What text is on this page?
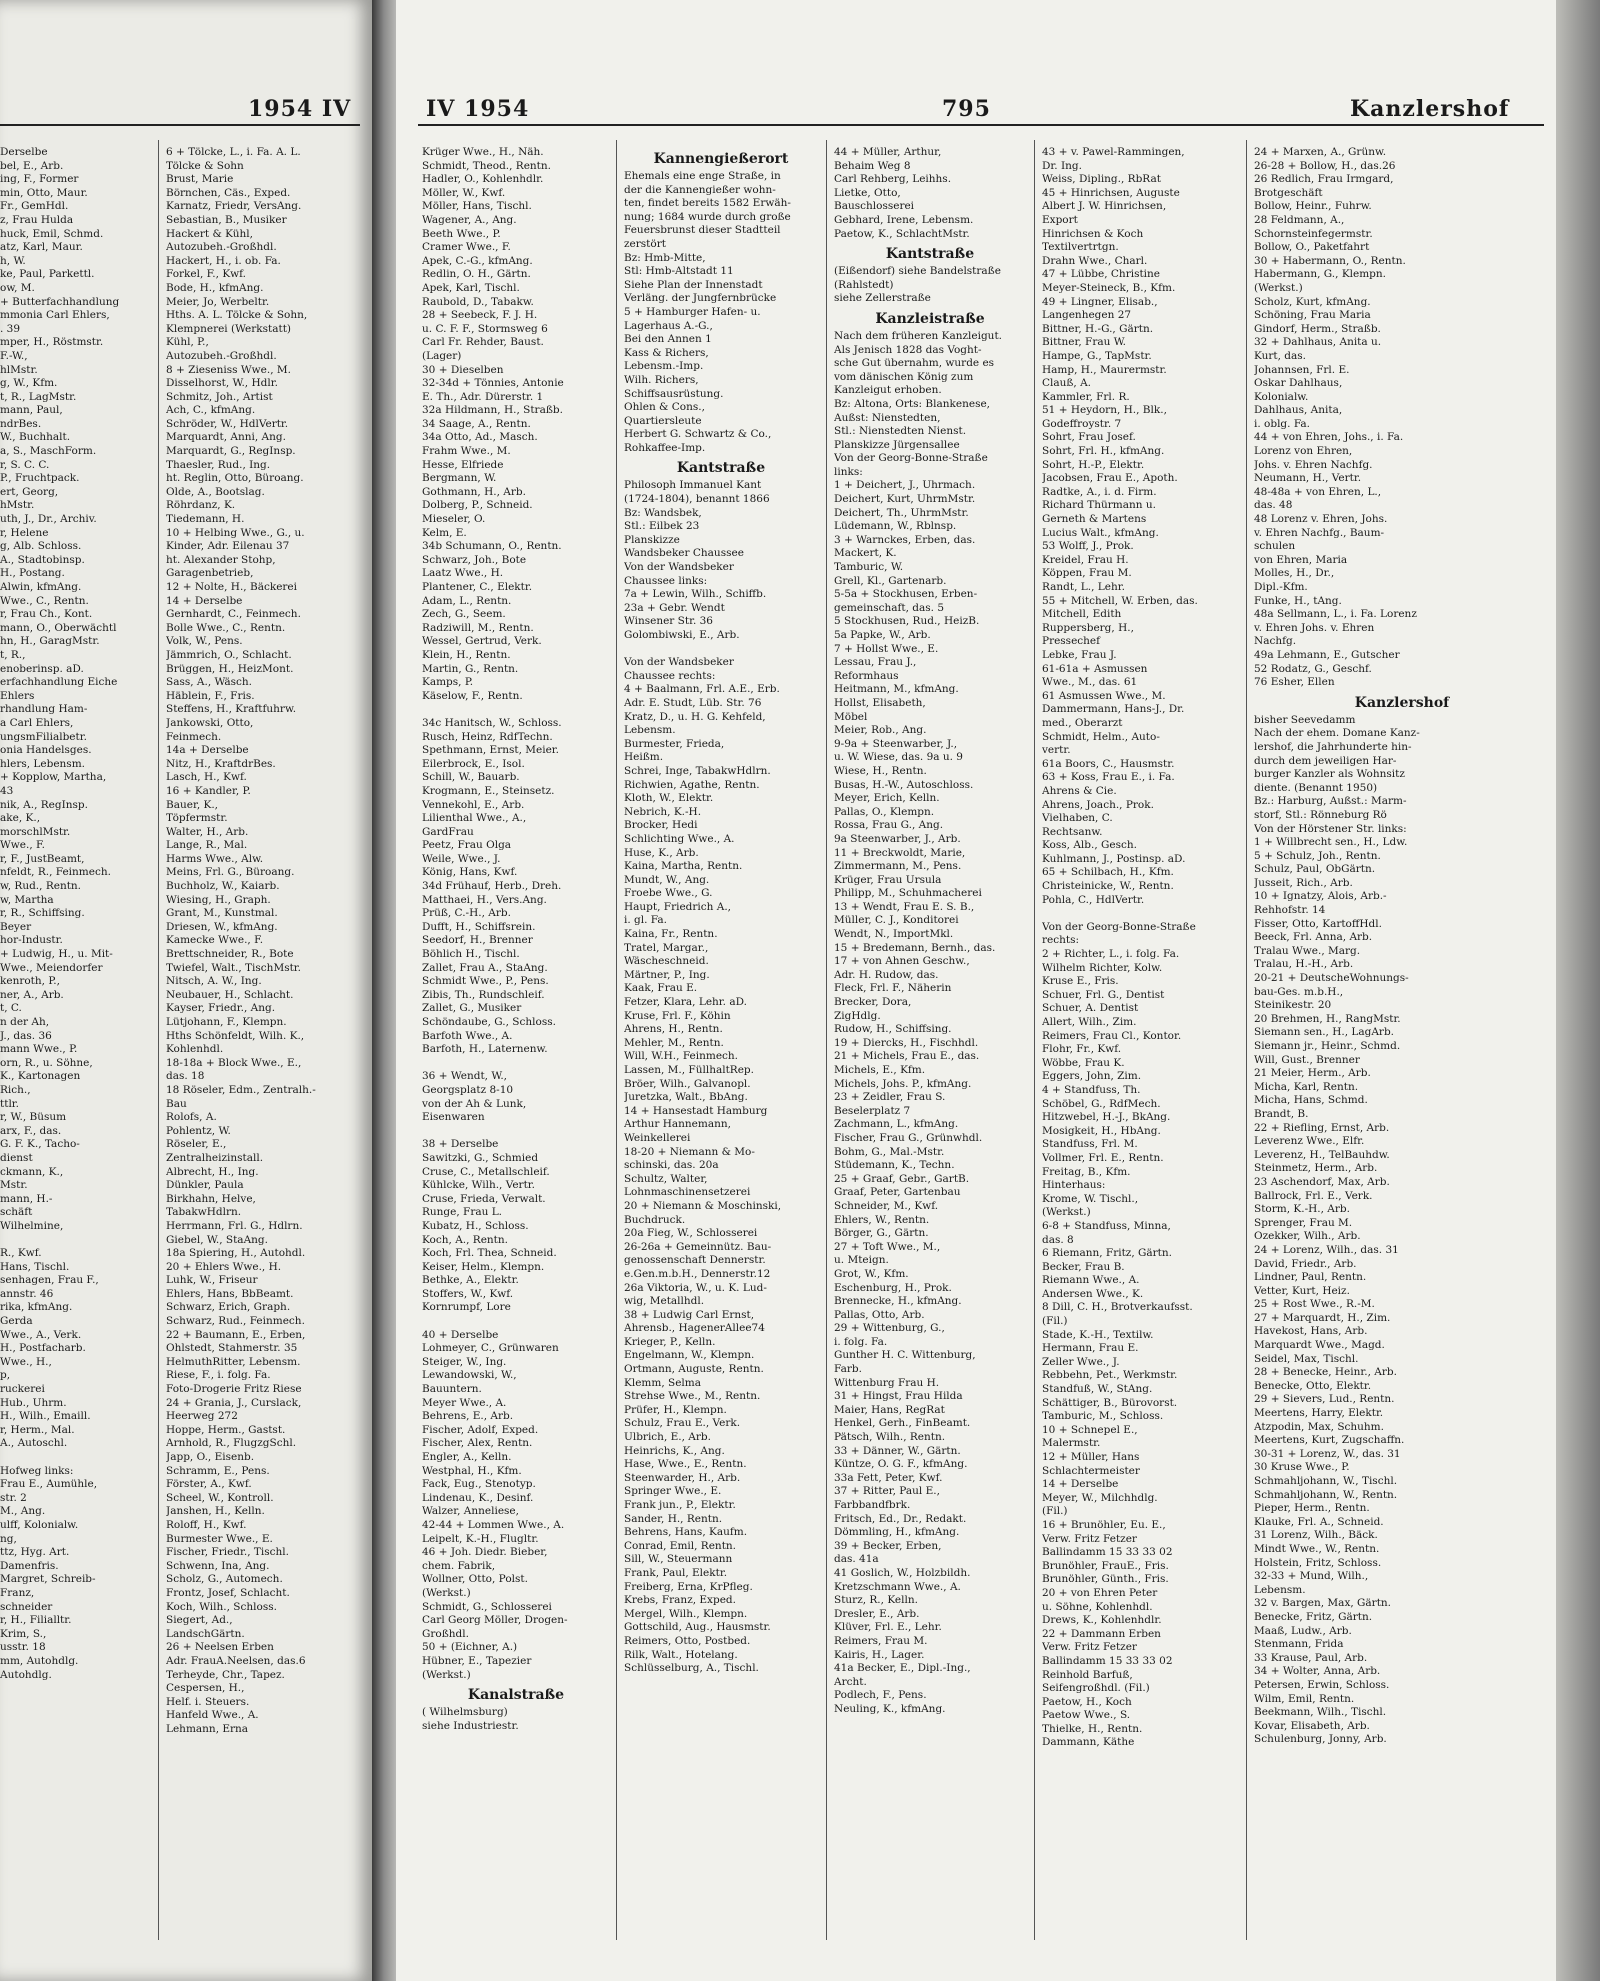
1954 IV
Derselbe
bel, E., Arb.
ing, F., Former
min, Otto, Maur.
Fr., GemHdl.
z, Frau Hulda
huck, Emil, Schmd.
atz, Karl, Maur.
h, W.
ke, Paul, Parkettl.
ow, M.
+ Butterfachhandlung
mmonia Carl Ehlers,
. 39
mper, H., Röstmstr.
F.-W.,
hlMstr.
g, W., Kfm.
t, R., LagMstr.
mann, Paul,
ndrBes.
W., Buchhalt.
a, S., MaschForm.
r, S. C. C.
P., Fruchtpack.
ert, Georg,
hMstr.
uth, J., Dr., Archiv.
r, Helene
g, Alb. Schloss.
A., Stadtobinsp.
H., Postang.
Alwin, kfmAng.
Wwe., C., Rentn.
r, Frau Ch., Kont.
mann, O., Oberwächtl
hn, H., GaragMstr.
t, R.,
enoberinsp. aD.
erfachhandlung Eiche
Ehlers
rhandlung Ham-
a Carl Ehlers,
ungsmFilialbetr.
onia Handelsges.
hlers, Lebensm.
+ Kopplow, Martha,
43
nik, A., RegInsp.
ake, K.,
morschlMstr.
Wwe., F.
r, F., JustBeamt,
nfeldt, R., Feinmech.
w, Rud., Rentn.
w, Martha
r, R., Schiffsing.
Beyer
hor-Industr.
+ Ludwig, H., u. Mit-
Wwe., Meiendorfer
kenroth, P.,
ner, A., Arb.
t, C.
n der Ah,
J., das. 36
mann Wwe., P.
orn, R., u. Söhne,
K., Kartonagen
Rich.,
ttlr.
r, W., Büsum
arx, F., das.
G. F. K., Tacho-
dienst
ckmann, K.,
Mstr.
mann, H.-
schäft
Wilhelmine,

R., Kwf.
Hans, Tischl.
senhagen, Frau F.,
annstr. 46
rika, kfmAng.
Gerda
Wwe., A., Verk.
H., Postfacharb.
Wwe., H.,
p,
ruckerei
Hub., Uhrm.
H., Wilh., Emaill.
r, Herm., Mal.
A., Autoschl.

Hofweg links:
Frau E., Aumühle,
str. 2
M., Ang.
ulff, Kolonialw.
ng,
ttz, Hyg. Art.
Damenfris.
Margret, Schreib-
Franz,
schneider
r, H., Filialltr.
Krim, S.,
usstr. 18
mm, Autohdlg.
Autohdlg.
6 + Tölcke, L., i. Fa. A. L.
Tölcke & Sohn
Brust, Marie
Börnchen, Cäs., Exped.
Karnatz, Friedr, VersAng.
Sebastian, B., Musiker
Hackert & Kühl,
Autozubeh.-Großhdl.
Hackert, H., i. ob. Fa.
Forkel, F., Kwf.
Bode, H., kfmAng.
Meier, Jo, Werbeltr.
Hths. A. L. Tölcke & Sohn,
Klempnerei (Werkstatt)
Kühl, P.,
Autozubeh.-Großhdl.
8 + Zieseniss Wwe., M.
Disselhorst, W., Hdlr.
Schmitz, Joh., Artist
Ach, C., kfmAng.
Schröder, W., HdlVertr.
Marquardt, Anni, Ang.
Marquardt, G., RegInsp.
Thaesler, Rud., Ing.
ht. Reglin, Otto, Büroang.
Olde, A., Bootslag.
Röhrdanz, K.
Tiedemann, H.
10 + Helbing Wwe., G., u.
Kinder, Adr. Eilenau 37
ht. Alexander Stohp,
Garagenbetrieb,
12 + Nolte, H., Bäckerei
14 + Derselbe
Gernhardt, C., Feinmech.
Bolle Wwe., C., Rentn.
Volk, W., Pens.
Jämmrich, O., Schlacht.
Brüggen, H., HeizMont.
Sass, A., Wäsch.
Häblein, F., Fris.
Steffens, H., Kraftfuhrw.
Jankowski, Otto,
Feinmech.
14a + Derselbe
Nitz, H., KraftdrBes.
Lasch, H., Kwf.
16 + Kandler, P.
Bauer, K.,
Töpfermstr.
Walter, H., Arb.
Lange, R., Mal.
Harms Wwe., Alw.
Meins, Frl. G., Büroang.
Buchholz, W., Kaiarb.
Wiesing, H., Graph.
Grant, M., Kunstmal.
Driesen, W., kfmAng.
Kamecke Wwe., F.
Brettschneider, R., Bote
Twiefel, Walt., TischMstr.
Nitsch, A. W., Ing.
Neubauer, H., Schlacht.
Kayser, Friedr., Ang.
Lütjohann, F., Klempn.
Hths Schönfeldt, Wilh. K.,
Kohlenhdl.
18-18a + Block Wwe., E.,
das. 18
18 Röseler, Edm., Zentralh.-
Bau
Rolofs, A.
Pohlentz, W.
Röseler, E.,
Zentralheizinstall.
Albrecht, H., Ing.
Dünkler, Paula
Birkhahn, Helve,
TabakwHdlrn.
Herrmann, Frl. G., Hdlrn.
Giebel, W., StaAng.
18a Spiering, H., Autohdl.
20 + Ehlers Wwe., H.
Luhk, W., Friseur
Ehlers, Hans, BbBeamt.
Schwarz, Erich, Graph.
Schwarz, Rud., Feinmech.
22 + Baumann, E., Erben,
Ohlstedt, Stahmerstr. 35
HelmuthRitter, Lebensm.
Riese, F., i. folg. Fa.
Foto-Drogerie Fritz Riese
24 + Grania, J., Curslack,
Heerweg 272
Hoppe, Herm., Gastst.
Arnhold, R., FlugzgSchl.
Japp, O., Eisenb.
Schramm, E., Pens.
Förster, A., Kwf.
Scheel, W., Kontroll.
Janshen, H., Kelln.
Roloff, H., Kwf.
Burmester Wwe., E.
Fischer, Friedr., Tischl.
Schwenn, Ina, Ang.
Scholz, G., Automech.
Frontz, Josef, Schlacht.
Koch, Wilh., Schloss.
Siegert, Ad.,
LandschGärtn.
26 + Neelsen Erben
Adr. FrauA.Neelsen, das.6
Terheyde, Chr., Tapez.
Cespersen, H.,
Helf. i. Steuers.
Hanfeld Wwe., A.
Lehmann, Erna
IV 1954	795	Kanzlershof
Krüger Wwe., H., Näh.
Schmidt, Theod., Rentn.
Hadler, O., Kohlenhdlr.
Möller, W., Kwf.
Möller, Hans, Tischl.
Wagener, A., Ang.
Beeth Wwe., P.
Cramer Wwe., F.
Apek, C.-G., kfmAng.
Redlin, O. H., Gärtn.
Apek, Karl, Tischl.
Raubold, D., Tabakw.
28 + Seebeck, F. J. H.
u. C. F. F., Stormsweg 6
Carl Fr. Rehder, Baust.
(Lager)
30 + Dieselben
32-34d + Tönnies, Antonie
E. Th., Adr. Dürerstr. 1
32a Hildmann, H., Straßb.
34 Saage, A., Rentn.
34a Otto, Ad., Masch.
Frahm Wwe., M.
Hesse, Elfriede
Bergmann, W.
Gothmann, H., Arb.
Dolberg, P., Schneid.
Mieseler, O.
Kelm, E.
34b Schumann, O., Rentn.
Schwarz, Joh., Bote
Laatz Wwe., H.
Plantener, C., Elektr.
Adam, L., Rentn.
Zech, G., Seem.
Radziwill, M., Rentn.
Wessel, Gertrud, Verk.
Klein, H., Rentn.
Martin, G., Rentn.
Kamps, P.
Käselow, F., Rentn.

34c Hanitsch, W., Schloss.
Rusch, Heinz, RdfTechn.
Spethmann, Ernst, Meier.
Eilerbrock, E., Isol.
Schill, W., Bauarb.
Krogmann, E., Steinsetz.
Vennekohl, E., Arb.
Lilienthal Wwe., A.,
GardFrau
Peetz, Frau Olga
Weile, Wwe., J.
König, Hans, Kwf.
34d Frühauf, Herb., Dreh.
Matthaei, H., Vers.Ang.
Prüß, C.-H., Arb.
Dufft, H., Schiffsrein.
Seedorf, H., Brenner
Böhlich H., Tischl.
Zallet, Frau A., StaAng.
Schmidt Wwe., P., Pens.
Zibis, Th., Rundschleif.
Zallet, G., Musiker
Schöndaube, G., Schloss.
Barfoth Wwe., A.
Barfoth, H., Laternenw.

36 + Wendt, W.,
Georgsplatz 8-10
von der Ah & Lunk,
Eisenwaren

38 + Derselbe
Sawitzki, G., Schmied
Cruse, C., Metallschleif.
Kühlcke, Wilh., Vertr.
Cruse, Frieda, Verwalt.
Runge, Frau L.
Kubatz, H., Schloss.
Koch, A., Rentn.
Koch, Frl. Thea, Schneid.
Keiser, Helm., Klempn.
Bethke, A., Elektr.
Stoffers, W., Kwf.
Kornrumpf, Lore

40 + Derselbe
Lohmeyer, C., Grünwaren
Steiger, W., Ing.
Lewandowski, W.,
Bauuntern.
Meyer Wwe., A.
Behrens, E., Arb.
Fischer, Adolf, Exped.
Fischer, Alex, Rentn.
Engler, A., Kelln.
Westphal, H., Kfm.
Fack, Eug., Stenotyp.
Lindenau, K., Desinf.
Walzer, Anneliese,
42-44 + Lommen Wwe., A.
Leipelt, K.-H., Flugltr.
46 + Joh. Diedr. Bieber,
chem. Fabrik,
Wollner, Otto, Polst.
(Werkst.)
Schmidt, G., Schlosserei
Carl Georg Möller, Drogen-
Großhdl.
50 + (Eichner, A.)
Hübner, E., Tapezier
(Werkst.)
Kanalstraße
( Wilhelmsburg)
siehe Industriestr.
Kannengießerort
Ehemals eine enge Straße, in
der die Kannengießer wohn-
ten, findet bereits 1582 Erwäh-
nung; 1684 wurde durch große
Feuersbrunst dieser Stadtteil
zerstört
Bz: Hmb-Mitte,
Stl: Hmb-Altstadt 11
Siehe Plan der Innenstadt
Verläng. der Jungfernbrücke
5 + Hamburger Hafen- u.
Lagerhaus A.-G.,
Bei den Annen 1
Kass & Richers,
Lebensm.-Imp.
Wilh. Richers,
Schiffsausrüstung.
Ohlen & Cons.,
Quartiersleute
Herbert G. Schwartz & Co.,
Rohkaffee-Imp.
Kantstraße
Philosoph Immanuel Kant
(1724-1804), benannt 1866
Bz: Wandsbek,
Stl.: Eilbek 23
Planskizze
Wandsbeker Chaussee
Von der Wandsbeker
Chaussee links:
7a + Lewin, Wilh., Schiffb.
23a + Gebr. Wendt
Winsener Str. 36
Golombiwski, E., Arb.

Von der Wandsbeker
Chaussee rechts:
4 + Baalmann, Frl. A.E., Erb.
Adr. E. Studt, Lüb. Str. 76
Kratz, D., u. H. G. Kehfeld,
Lebensm.
Burmester, Frieda,
Heißm.
Schrei, Inge, TabakwHdlrn.
Richwien, Agathe, Rentn.
Kloth, W., Elektr.
Nebrich, K.-H.
Brocker, Hedi
Schlichting Wwe., A.
Huse, K., Arb.
Kaina, Martha, Rentn.
Mundt, W., Ang.
Froebe Wwe., G.
Haupt, Friedrich A.,
i. gl. Fa.
Kaina, Fr., Rentn.
Tratel, Margar.,
Wäscheschneid.
Märtner, P., Ing.
Kaak, Frau E.
Fetzer, Klara, Lehr. aD.
Kruse, Frl. F., Köhin
Ahrens, H., Rentn.
Mehler, M., Rentn.
Will, W.H., Feinmech.
Lassen, M., FüllhaltRep.
Bröer, Wilh., Galvanopl.
Juretzka, Walt., BbAng.
14 + Hansestadt Hamburg
Arthur Hannemann,
Weinkellerei
18-20 + Niemann & Mo-
schinski, das. 20a
Schultz, Walter,
Lohnmaschinensetzerei
20 + Niemann & Moschinski,
Buchdruck.
20a Fieg, W., Schlosserei
26-26a + Gemeinnütz. Bau-
genossenschaft Dennerstr.
e.Gen.m.b.H., Dennerstr.12
26a Viktoria, W., u. K. Lud-
wig, Metallhdl.
38 + Ludwig Carl Ernst,
Ahrensb., HagenerAllee74
Krieger, P., Kelln.
Engelmann, W., Klempn.
Ortmann, Auguste, Rentn.
Klemm, Selma
Strehse Wwe., M., Rentn.
Prüfer, H., Klempn.
Schulz, Frau E., Verk.
Ulbrich, E., Arb.
Heinrichs, K., Ang.
Hase, Wwe., E., Rentn.
Steenwarder, H., Arb.
Springer Wwe., E.
Frank jun., P., Elektr.
Sander, H., Rentn.
Behrens, Hans, Kaufm.
Conrad, Emil, Rentn.
Sill, W., Steuermann
Frank, Paul, Elektr.
Freiberg, Erna, KrPfleg.
Krebs, Franz, Exped.
Mergel, Wilh., Klempn.
Gottschild, Aug., Hausmstr.
Reimers, Otto, Postbed.
Rilk, Walt., Hotelang.
Schlüsselburg, A., Tischl.
44 + Müller, Arthur,
Behaim Weg 8
Carl Rehberg, Leihhs.
Lietke, Otto,
Bauschlosserei
Gebhard, Irene, Lebensm.
Paetow, K., SchlachtMstr.
Kantstraße
(Eißendorf) siehe Bandelstraße
(Rahlstedt)
siehe Zellerstraße
Kanzleistraße
Nach dem früheren Kanzleigut.
Als Jenisch 1828 das Voght-
sche Gut übernahm, wurde es
vom dänischen König zum
Kanzleigut erhoben.
Bz: Altona, Orts: Blankenese,
Außst: Nienstedten,
Stl.: Nienstedten Nienst.
Planskizze Jürgensallee
Von der Georg-Bonne-Straße
links:
1 + Deichert, J., Uhrmach.
Deichert, Kurt, UhrmMstr.
Deichert, Th., UhrmMstr.
Lüdemann, W., Rblnsp.
3 + Warnckes, Erben, das.
Mackert, K.
Tamburic, W.
Grell, Kl., Gartenarb.
5-5a + Stockhusen, Erben-
gemeinschaft, das. 5
5 Stockhusen, Rud., HeizB.
5a Papke, W., Arb.
7 + Hollst Wwe., E.
Lessau, Frau J.,
Reformhaus
Heitmann, M., kfmAng.
Hollst, Elisabeth,
Möbel
Meier, Rob., Ang.
9-9a + Steenwarber, J.,
u. W. Wiese, das. 9a u. 9
Wiese, H., Rentn.
Busas, H.-W., Autoschloss.
Meyer, Erich, Kelln.
Pallas, O., Klempn.
Rossa, Frau G., Ang.
9a Steenwarber, J., Arb.
11 + Breckwoldt, Marie,
Zimmermann, M., Pens.
Krüger, Frau Ursula
Philipp, M., Schuhmacherei
13 + Wendt, Frau E. S. B.,
Müller, C. J., Konditorei
Wendt, N., ImportMkl.
15 + Bredemann, Bernh., das.
17 + von Ahnen Geschw.,
Adr. H. Rudow, das.
Fleck, Frl. F., Näherin
Brecker, Dora,
ZigHdlg.
Rudow, H., Schiffsing.
19 + Diercks, H., Fischhdl.
21 + Michels, Frau E., das.
Michels, E., Kfm.
Michels, Johs. P., kfmAng.
23 + Zeidler, Frau S.
Beselerplatz 7
Zachmann, L., kfmAng.
Fischer, Frau G., Grünwhdl.
Bohm, G., Mal.-Mstr.
Stüdemann, K., Techn.
25 + Graaf, Gebr., GartB.
Graaf, Peter, Gartenbau
Schneider, M., Kwf.
Ehlers, W., Rentn.
Börger, G., Gärtn.
27 + Toft Wwe., M.,
u. Mteign.
Grot, W., Kfm.
Eschenburg, H., Prok.
Brennecke, H., kfmAng.
Pallas, Otto, Arb.
29 + Wittenburg, G.,
i. folg. Fa.
Gunther H. C. Wittenburg,
Farb.
Wittenburg Frau H.
31 + Hingst, Frau Hilda
Maier, Hans, RegRat
Henkel, Gerh., FinBeamt.
Pätsch, Wilh., Rentn.
33 + Dänner, W., Gärtn.
Küntze, O. G. F., kfmAng.
33a Fett, Peter, Kwf.
37 + Ritter, Paul E.,
Farbbandfbrk.
Fritsch, Ed., Dr., Redakt.
Dömmling, H., kfmAng.
39 + Becker, Erben,
das. 41a
41 Goslich, W., Holzbildh.
Kretzschmann Wwe., A.
Sturz, R., Kelln.
Dresler, E., Arb.
Klüver, Frl. E., Lehr.
Reimers, Frau M.
Kairis, H., Lager.
41a Becker, E., Dipl.-Ing.,
Archt.
Podlech, F., Pens.
Neuling, K., kfmAng.
43 + v. Pawel-Rammingen,
Dr. Ing.
Weiss, Dipling., RbRat
45 + Hinrichsen, Auguste
Albert J. W. Hinrichsen,
Export
Hinrichsen & Koch
Textilvertrtgn.
Drahn Wwe., Charl.
47 + Lübbe, Christine
Meyer-Steineck, B., Kfm.
49 + Lingner, Elisab.,
Langenhegen 27
Bittner, H.-G., Gärtn.
Bittner, Frau W.
Hampe, G., TapMstr.
Hamp, H., Maurermstr.
Clauß, A.
Kammler, Frl. R.
51 + Heydorn, H., Blk.,
Godeffroystr. 7
Sohrt, Frau Josef.
Sohrt, Frl. H., kfmAng.
Sohrt, H.-P., Elektr.
Jacobsen, Frau E., Apoth.
Radtke, A., i. d. Firm.
Richard Thürmann u.
Gerneth & Martens
Lucius Walt., kfmAng.
53 Wolff, J., Prok.
Kreidel, Frau H.
Köppen, Frau M.
Randt, L., Lehr.
55 + Mitchell, W. Erben, das.
Mitchell, Edith
Ruppersberg, H.,
Pressechef
Lebke, Frau J.
61-61a + Asmussen
Wwe., M., das. 61
61 Asmussen Wwe., M.
Dammermann, Hans-J., Dr.
med., Oberarzt
Schmidt, Helm., Auto-
vertr.
61a Boors, C., Hausmstr.
63 + Koss, Frau E., i. Fa.
Ahrens & Cie.
Ahrens, Joach., Prok.
Vielhaben, C.
Rechtsanw.
Koss, Alb., Gesch.
Kuhlmann, J., Postinsp. aD.
65 + Schilbach, H., Kfm.
Christeinicke, W., Rentn.
Pohla, C., HdlVertr.

Von der Georg-Bonne-Straße
rechts:
2 + Richter, L., i. folg. Fa.
Wilhelm Richter, Kolw.
Kruse E., Fris.
Schuer, Frl. G., Dentist
Schuer, A. Dentist
Allert, Wilh., Zim.
Reimers, Frau Cl., Kontor.
Flohr, Fr., Kwf.
Wöbbe, Frau K.
Eggers, John, Zim.
4 + Standfuss, Th.
Schöbel, G., RdfMech.
Hitzwebel, H.-J., BkAng.
Mosigkeit, H., HbAng.
Standfuss, Frl. M.
Vollmer, Frl. E., Rentn.
Freitag, B., Kfm.
Hinterhaus:
Krome, W. Tischl.,
(Werkst.)
6-8 + Standfuss, Minna,
das. 8
6 Riemann, Fritz, Gärtn.
Becker, Frau B.
Riemann Wwe., A.
Andersen Wwe., K.
8 Dill, C. H., Brotverkaufsst.
(Fil.)
Stade, K.-H., Textilw.
Hermann, Frau E.
Zeller Wwe., J.
Rebbehn, Pet., Werkmstr.
Standfuß, W., StAng.
Schättiger, B., Bürovorst.
Tamburic, M., Schloss.
10 + Schnepel E.,
Malermstr.
12 + Müller, Hans
Schlachtermeister
14 + Derselbe
Meyer, W., Milchhdlg.
(Fil.)
16 + Brunöhler, Eu. E.,
Verw. Fritz Fetzer
Ballindamm 15 33 33 02
Brunöhler, FrauE., Fris.
Brunöhler, Günth., Fris.
20 + von Ehren Peter
u. Söhne, Kohlenhdl.
Drews, K., Kohlenhdlr.
22 + Dammann Erben
Verw. Fritz Fetzer
Ballindamm 15 33 33 02
Reinhold Barfuß,
Seifengroßhdl. (Fil.)
Paetow, H., Koch
Paetow Wwe., S.
Thielke, H., Rentn.
Dammann, Käthe
24 + Marxen, A., Grünw.
26-28 + Bollow, H., das.26
26 Redlich, Frau Irmgard,
Brotgeschäft
Bollow, Heinr., Fuhrw.
28 Feldmann, A.,
Schornsteinfegermstr.
Bollow, O., Paketfahrt
30 + Habermann, O., Rentn.
Habermann, G., Klempn.
(Werkst.)
Scholz, Kurt, kfmAng.
Schöning, Frau Maria
Gindorf, Herm., Straßb.
32 + Dahlhaus, Anita u.
Kurt, das.
Johannsen, Frl. E.
Oskar Dahlhaus,
Kolonialw.
Dahlhaus, Anita,
i. oblg. Fa.
44 + von Ehren, Johs., i. Fa.
Lorenz von Ehren,
Johs. v. Ehren Nachfg.
Neumann, H., Vertr.
48-48a + von Ehren, L.,
das. 48
48 Lorenz v. Ehren, Johs.
v. Ehren Nachfg., Baum-
schulen
von Ehren, Maria
Molles, H., Dr.,
Dipl.-Kfm.
Funke, H., tAng.
48a Sellmann, L., i. Fa. Lorenz
v. Ehren Johs. v. Ehren
Nachfg.
49a Lehmann, E., Gutscher
52 Rodatz, G., Geschf.
76 Esher, Ellen
Kanzlershof
bisher Seevedamm
Nach der ehem. Domane Kanz-
lershof, die Jahrhunderte hin-
durch dem jeweiligen Har-
burger Kanzler als Wohnsitz
diente. (Benannt 1950)
Bz.: Harburg, Außst.: Marm-
storf, Stl.: Rönneburg Rö
Von der Hörstener Str. links:
1 + Willbrecht sen., H., Ldw.
5 + Schulz, Joh., Rentn.
Schulz, Paul, ObGärtn.
Jusseit, Rich., Arb.
10 + Ignatzy, Alois, Arb.-
Rehhofstr. 14
Fisser, Otto, KartoffHdl.
Beeck, Frl. Anna, Arb.
Tralau Wwe., Marg.
Tralau, H.-H., Arb.
20-21 + DeutscheWohnungs-
bau-Ges. m.b.H.,
Steinikestr. 20
20 Brehmen, H., RangMstr.
Siemann sen., H., LagArb.
Siemann jr., Heinr., Schmd.
Will, Gust., Brenner
21 Meier, Herm., Arb.
Micha, Karl, Rentn.
Micha, Hans, Schmd.
Brandt, B.
22 + Riefling, Ernst, Arb.
Leverenz Wwe., Elfr.
Leverenz, H., TelBauhdw.
Steinmetz, Herm., Arb.
23 Aschendorf, Max, Arb.
Ballrock, Frl. E., Verk.
Storm, K.-H., Arb.
Sprenger, Frau M.
Ozekker, Wilh., Arb.
24 + Lorenz, Wilh., das. 31
David, Friedr., Arb.
Lindner, Paul, Rentn.
Vetter, Kurt, Heiz.
25 + Rost Wwe., R.-M.
27 + Marquardt, H., Zim.
Havekost, Hans, Arb.
Marquardt Wwe., Magd.
Seidel, Max, Tischl.
28 + Benecke, Heinr., Arb.
Benecke, Otto, Elektr.
29 + Sievers, Lud., Rentn.
Meertens, Harry, Elektr.
Atzpodin, Max, Schuhm.
Meertens, Kurt, Zugschaffn.
30-31 + Lorenz, W., das. 31
30 Kruse Wwe., P.
Schmahljohann, W., Tischl.
Schmahljohann, W., Rentn.
Pieper, Herm., Rentn.
Klauke, Frl. A., Schneid.
31 Lorenz, Wilh., Bäck.
Mindt Wwe., W., Rentn.
Holstein, Fritz, Schloss.
32-33 + Mund, Wilh.,
Lebensm.
32 v. Bargen, Max, Gärtn.
Benecke, Fritz, Gärtn.
Maaß, Ludw., Arb.
Stenmann, Frida
33 Krause, Paul, Arb.
34 + Wolter, Anna, Arb.
Petersen, Erwin, Schloss.
Wilm, Emil, Rentn.
Beekmann, Wilh., Tischl.
Kovar, Elisabeth, Arb.
Schulenburg, Jonny, Arb.
